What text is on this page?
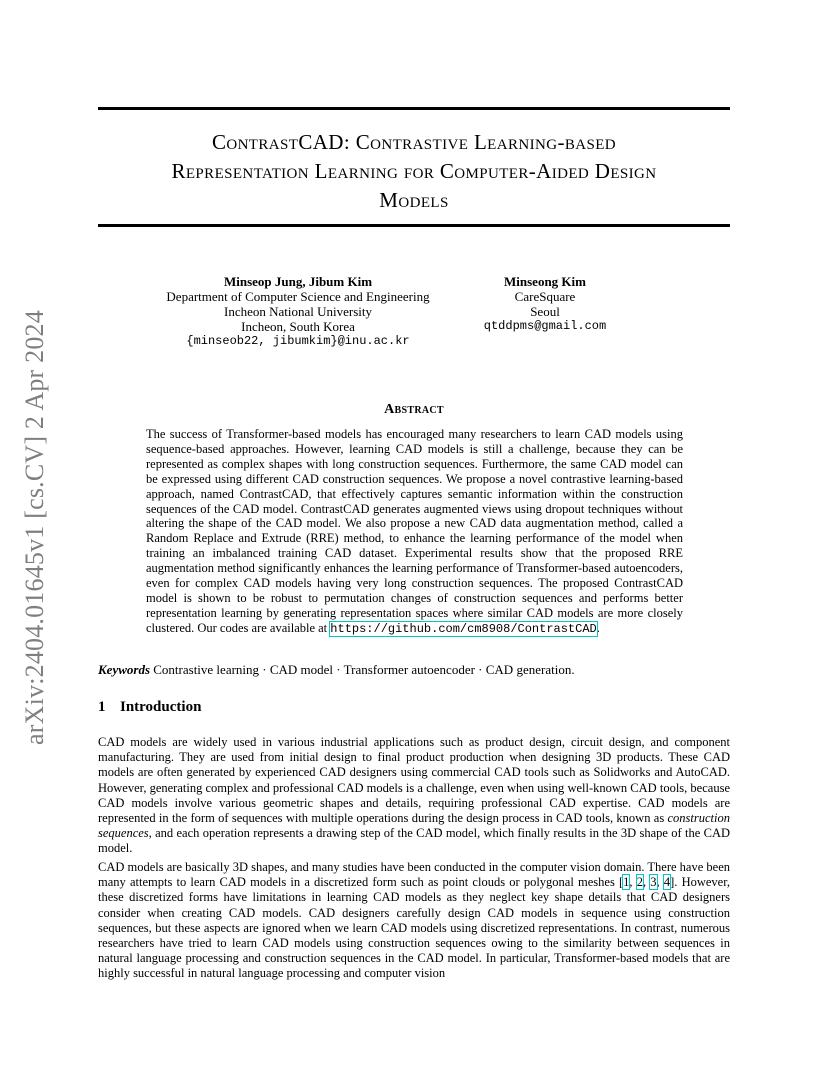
arXiv:2404.01645v1 [cs.CV] 2 Apr 2024
ContrastCAD: Contrastive Learning-based
Representation Learning for Computer-Aided Design
Models
Minseop Jung, Jibum Kim
Department of Computer Science and Engineering
Incheon National University
Incheon, South Korea
{minseob22, jibumkim}@inu.ac.kr
Minseong Kim
CareSquare
Seoul
qtddpms@gmail.com
Abstract
The success of Transformer-based models has encouraged many researchers to learn CAD models using sequence-based approaches. However, learning CAD models is still a challenge, because they can be represented as complex shapes with long construction sequences. Furthermore, the same CAD model can be expressed using different CAD construction sequences. We propose a novel contrastive learning-based approach, named ContrastCAD, that effectively captures semantic information within the construction sequences of the CAD model. ContrastCAD generates augmented views using dropout techniques without altering the shape of the CAD model. We also propose a new CAD data augmentation method, called a Random Replace and Extrude (RRE) method, to enhance the learning performance of the model when training an imbalanced training CAD dataset. Experimental results show that the proposed RRE augmentation method significantly enhances the learning performance of Transformer-based autoencoders, even for complex CAD models having very long construction sequences. The proposed ContrastCAD model is shown to be robust to permutation changes of construction sequences and performs better representation learning by generating representation spaces where similar CAD models are more closely clustered. Our codes are available at https://github.com/cm8908/ContrastCAD.
Keywords Contrastive learning · CAD model · Transformer autoencoder · CAD generation.
1 Introduction
CAD models are widely used in various industrial applications such as product design, circuit design, and component manufacturing. They are used from initial design to final product production when designing 3D products. These CAD models are often generated by experienced CAD designers using commercial CAD tools such as Solidworks and AutoCAD. However, generating complex and professional CAD models is a challenge, even when using well-known CAD tools, because CAD models involve various geometric shapes and details, requiring professional CAD expertise. CAD models are represented in the form of sequences with multiple operations during the design process in CAD tools, known as construction sequences, and each operation represents a drawing step of the CAD model, which finally results in the 3D shape of the CAD model.
CAD models are basically 3D shapes, and many studies have been conducted in the computer vision domain. There have been many attempts to learn CAD models in a discretized form such as point clouds or polygonal meshes [1, 2, 3, 4]. However, these discretized forms have limitations in learning CAD models as they neglect key shape details that CAD designers consider when creating CAD models. CAD designers carefully design CAD models in sequence using construction sequences, but these aspects are ignored when we learn CAD models using discretized representations. In contrast, numerous researchers have tried to learn CAD models using construction sequences owing to the similarity between sequences in natural language processing and construction sequences in the CAD model. In particular, Transformer-based models that are highly successful in natural language processing and computer vision
